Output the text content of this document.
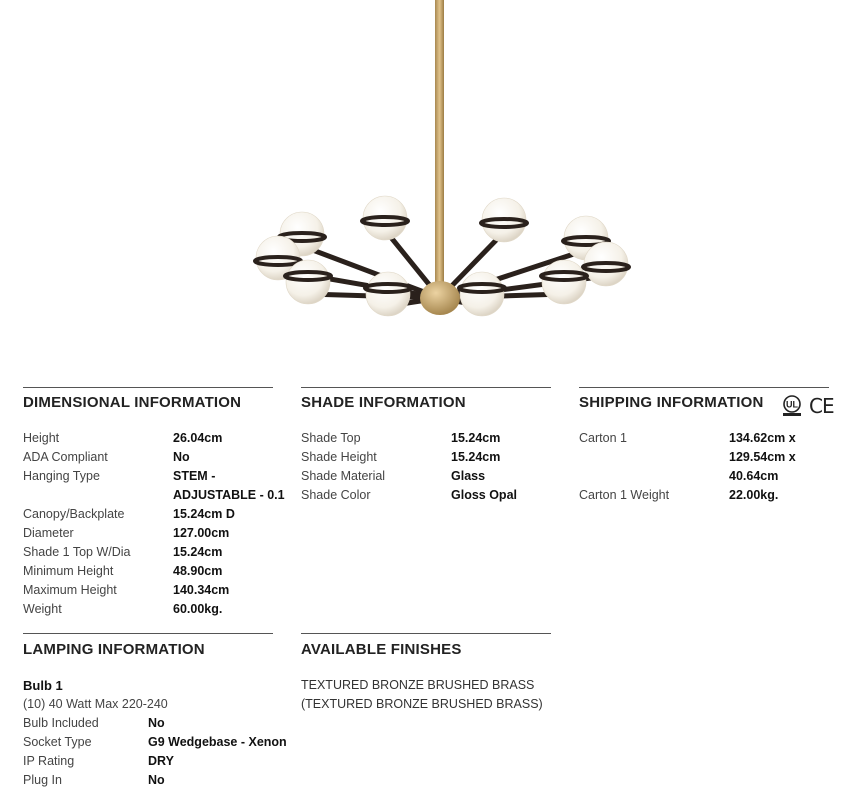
DIMENSIONAL INFORMATION
Height	26.04cm
ADA Compliant	No
Hanging Type	STEM -
ADJUSTABLE - 0.1
Canopy/Backplate	15.24cm D
Diameter	127.00cm
Shade 1 Top W/Dia	15.24cm
Minimum Height	48.90cm
Maximum Height	140.34cm
Weight	60.00kg.
SHADE INFORMATION
Shade Top	15.24cm
Shade Height	15.24cm
Shade Material	Glass
Shade Color	Gloss Opal
SHIPPING INFORMATION
Carton 1	134.62cm x
129.54cm x
40.64cm
Carton 1 Weight	22.00kg.
UL CE
LAMPING INFORMATION
Bulb 1
(10) 40 Watt Max 220-240
Bulb Included	No
Socket Type	G9 Wedgebase - Xenon
IP Rating	DRY
Plug In	No
AVAILABLE FINISHES
TEXTURED BRONZE BRUSHED BRASS
(TEXTURED BRONZE BRUSHED BRASS)
